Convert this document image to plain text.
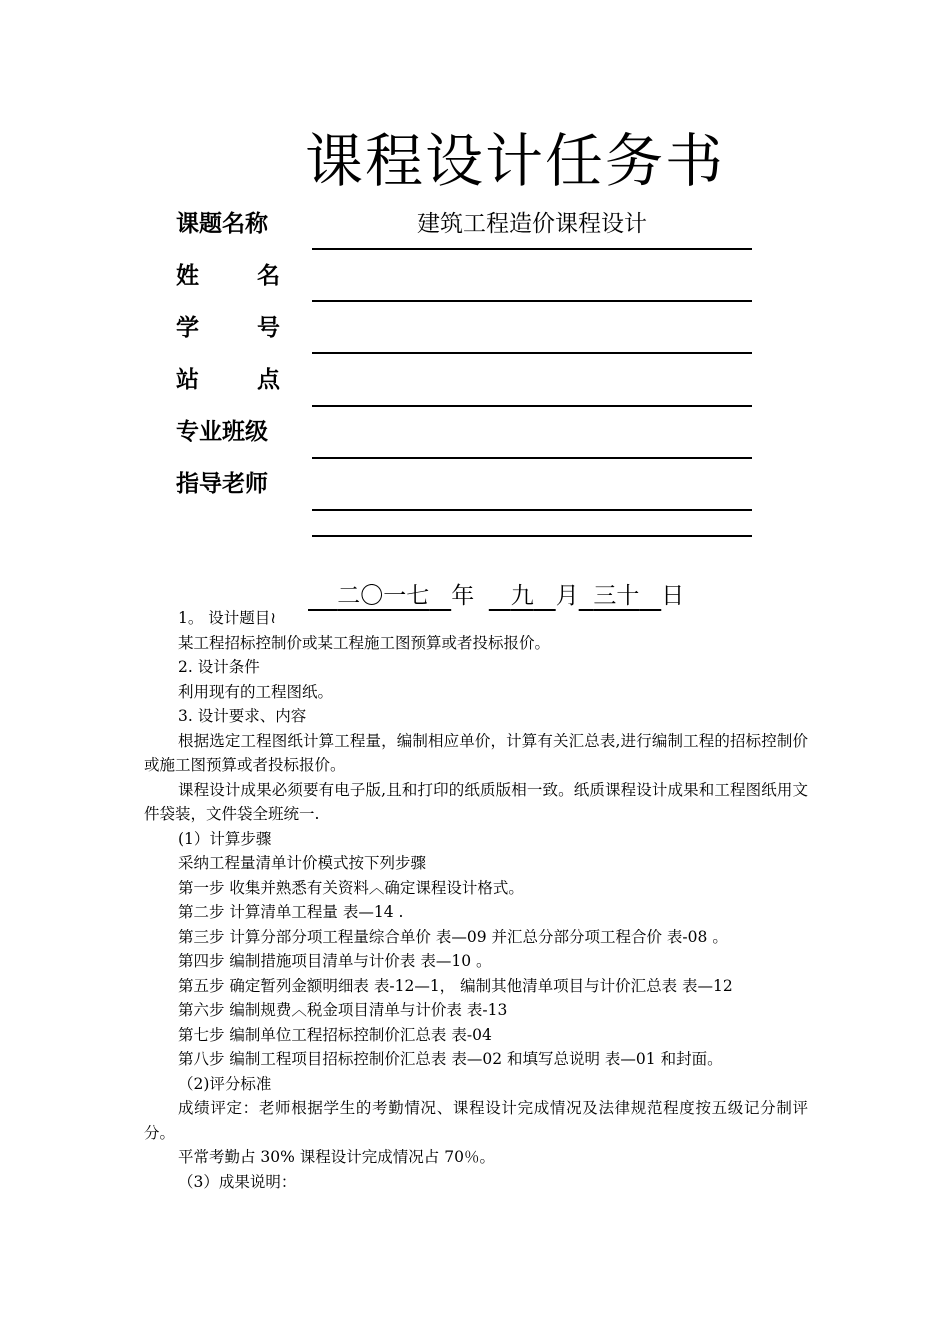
课程设计任务书
课题名称	建筑工程造价课程设计
姓	名
学	号
站	点
专业班级
指导老师
二〇一七 年 九 月 三十 日

1。 设计题目≀

某工程招标控制价或某工程施工图预算或者投标报价。

2. 设计条件

利用现有的工程图纸。

3. 设计要求、内容

根据选定工程图纸计算工程量，编制相应单价，计算有关汇总表,进行编制工程的招标控制价或施工图预算或者投标报价。

课程设计成果必须要有电子版,且和打印的纸质版相一致。纸质课程设计成果和工程图纸用文件袋装，文件袋全班统一.

(1）计算步骤

采纳工程量清单计价模式按下列步骤

第一步 收集并熟悉有关资料︿确定课程设计格式。

第二步 计算清单工程量 表—14 .

第三步 计算分部分项工程量综合单价 表—09 并汇总分部分项工程合价 表-08 。

第四步 编制措施项目清单与计价表 表—10 。

第五步 确定暂列金额明细表 表-12—1， 编制其他清单项目与计价汇总表 表—12

第六步 编制规费︿税金项目清单与计价表 表-13

第七步 编制单位工程招标控制价汇总表 表-04

第八步 编制工程项目招标控制价汇总表 表—02 和填写总说明 表—01 和封面。

（2)评分标准

成绩评定：老师根据学生的考勤情况、课程设计完成情况及法律规范程度按五级记分制评分。

平常考勤占 30% 课程设计完成情况占 70％。

（3）成果说明：
